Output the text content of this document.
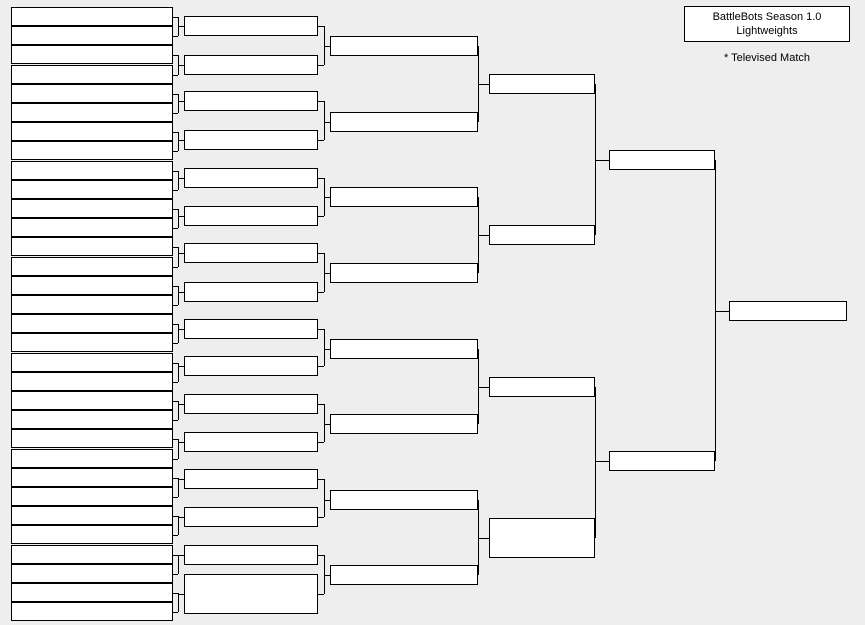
BattleBots Season 1.0
Lightweights
* Televised Match
